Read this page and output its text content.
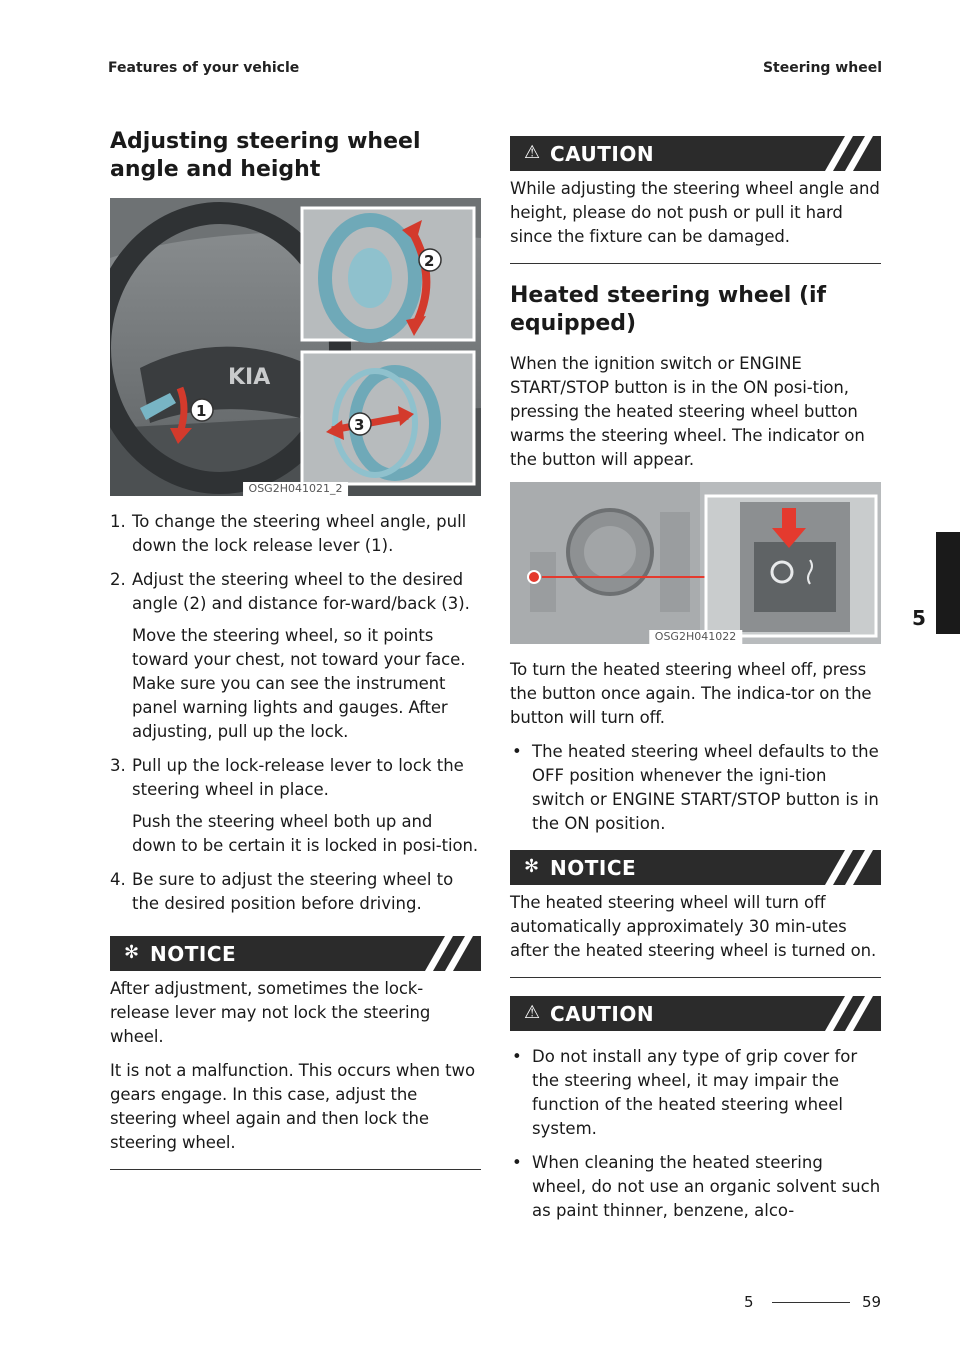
Features of your vehicle	Steering wheel
5
Adjusting steering wheel angle and height
KIA
1
2
3
OSG2H041021_2
1. To change the steering wheel angle, pull down the lock release lever (1).
2. Adjust the steering wheel to the desired angle (2) and distance for-ward/back (3).

Move the steering wheel, so it points toward your chest, not toward your face. Make sure you can see the instrument panel warning lights and gauges. After adjusting, pull up the lock.

3. Pull up the lock-release lever to lock the steering wheel in place.

Push the steering wheel both up and down to be certain it is locked in posi-tion.

4. Be sure to adjust the steering wheel to the desired position before driving.
✻ NOTICE

After adjustment, sometimes the lock-release lever may not lock the steering wheel.

It is not a malfunction. This occurs when two gears engage. In this case, adjust the steering wheel again and then lock the steering wheel.

⚠ CAUTION

While adjusting the steering wheel angle and height, please do not push or pull it hard since the fixture can be damaged.

Heated steering wheel (if equipped)

When the ignition switch or ENGINE START/STOP button is in the ON posi-tion, pressing the heated steering wheel button warms the steering wheel. The indicator on the button will appear.

OSG2H041022

To turn the heated steering wheel off, press the button once again. The indica-tor on the button will turn off.

• The heated steering wheel defaults to the OFF position whenever the igni-tion switch or ENGINE START/STOP button is in the ON position.
✻ NOTICE

The heated steering wheel will turn off automatically approximately 30 min-utes after the heated steering wheel is turned on.

⚠ CAUTION
• Do not install any type of grip cover for the steering wheel, it may impair the function of the heated steering wheel system.
• When cleaning the heated steering wheel, do not use an organic solvent such as paint thinner, benzene, alco-
5	59
